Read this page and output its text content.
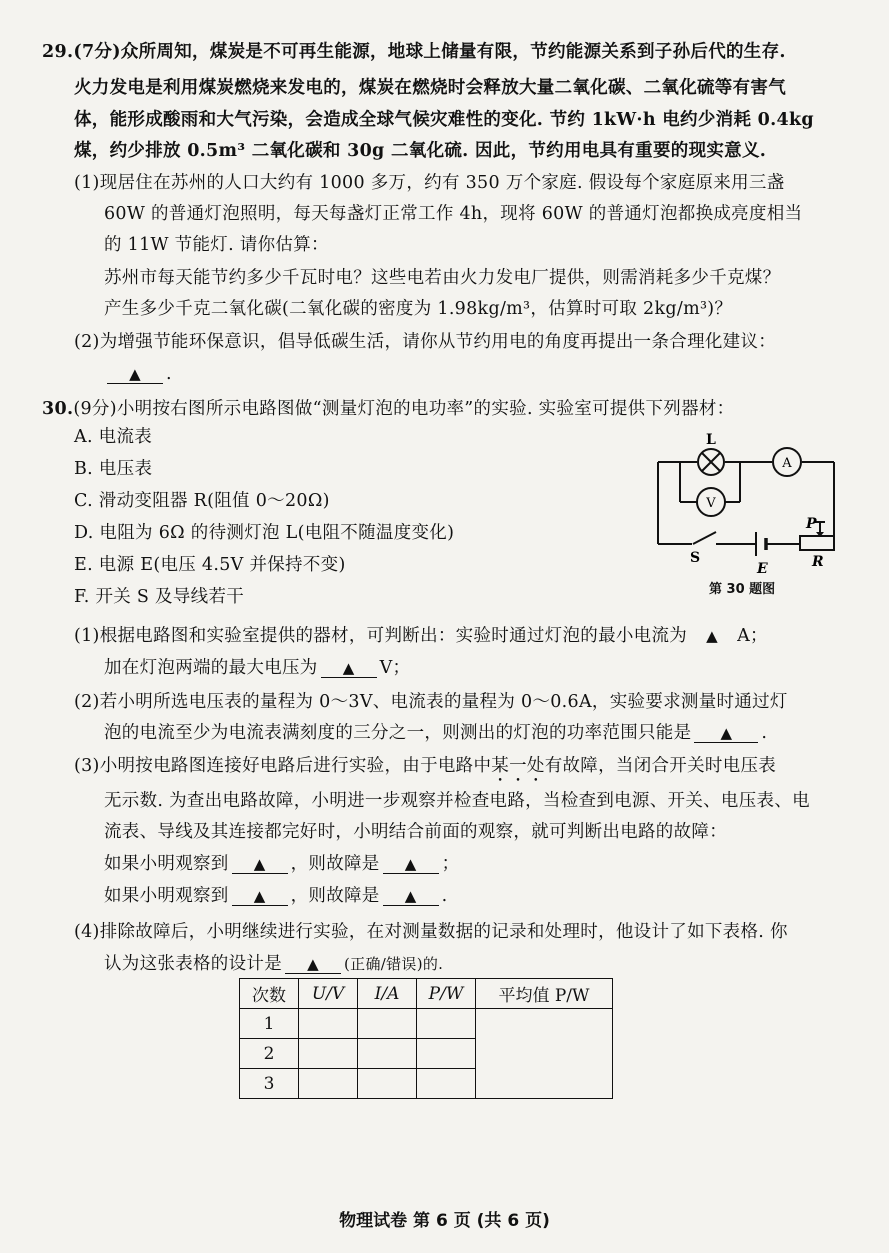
29.(7分)众所周知，煤炭是不可再生能源，地球上储量有限，节约能源关系到子孙后代的生存.
火力发电是利用煤炭燃烧来发电的，煤炭在燃烧时会释放大量二氧化碳、二氧化硫等有害气
体，能形成酸雨和大气污染，会造成全球气候灾难性的变化. 节约 1kW·h 电约少消耗 0.4kg
煤，约少排放 0.5m³ 二氧化碳和 30g 二氧化硫. 因此，节约用电具有重要的现实意义.
(1)现居住在苏州的人口大约有 1000 多万，约有 350 万个家庭. 假设每个家庭原来用三盏
60W 的普通灯泡照明，每天每盏灯正常工作 4h，现将 60W 的普通灯泡都换成亮度相当
的 11W 节能灯. 请你估算：
苏州市每天能节约多少千瓦时电？这些电若由火力发电厂提供，则需消耗多少千克煤？
产生多少千克二氧化碳(二氧化碳的密度为 1.98kg/m³，估算时可取 2kg/m³)？
(2)为增强节能环保意识，倡导低碳生活，请你从节约用电的角度再提出一条合理化建议：
▲ .
30.(9分)小明按右图所示电路图做“测量灯泡的电功率”的实验. 实验室可提供下列器材：
A. 电流表
B. 电压表
C. 滑动变阻器 R(阻值 0～20Ω)
D. 电阻为 6Ω 的待测灯泡 L(电阻不随温度变化)
E. 电源 E(电压 4.5V 并保持不变)
F. 开关 S 及导线若干
A
V
L
P
S
E	R
第 30 题图
(1)根据电路图和实验室提供的器材，可判断出：实验时通过灯泡的最小电流为 ▲ A；
加在灯泡两端的最大电压为 ▲ V；
(2)若小明所选电压表的量程为 0～3V、电流表的量程为 0～0.6A，实验要求测量时通过灯
泡的电流至少为电流表满刻度的三分之一，则测出的灯泡的功率范围只能是 ▲ .
(3)小明按电路图连接好电路后进行实验，由于电路中某一处有故障，当闭合开关时电压表
无示数. 为查出电路故障，小明进一步观察并检查电路，当检查到电源、开关、电压表、电
流表、导线及其连接都完好时，小明结合前面的观察，就可判断出电路的故障：
如果小明观察到 ▲ ，则故障是 ▲ ；
如果小明观察到 ▲ ，则故障是 ▲ .
(4)排除故障后，小明继续进行实验，在对测量数据的记录和处理时，他设计了如下表格. 你
认为这张表格的设计是 ▲ (正确/错误)的.
次数	U/V	I/A	P/W	平均值 P/W
1				
2				
3				
物理试卷 第 6 页 (共 6 页)
